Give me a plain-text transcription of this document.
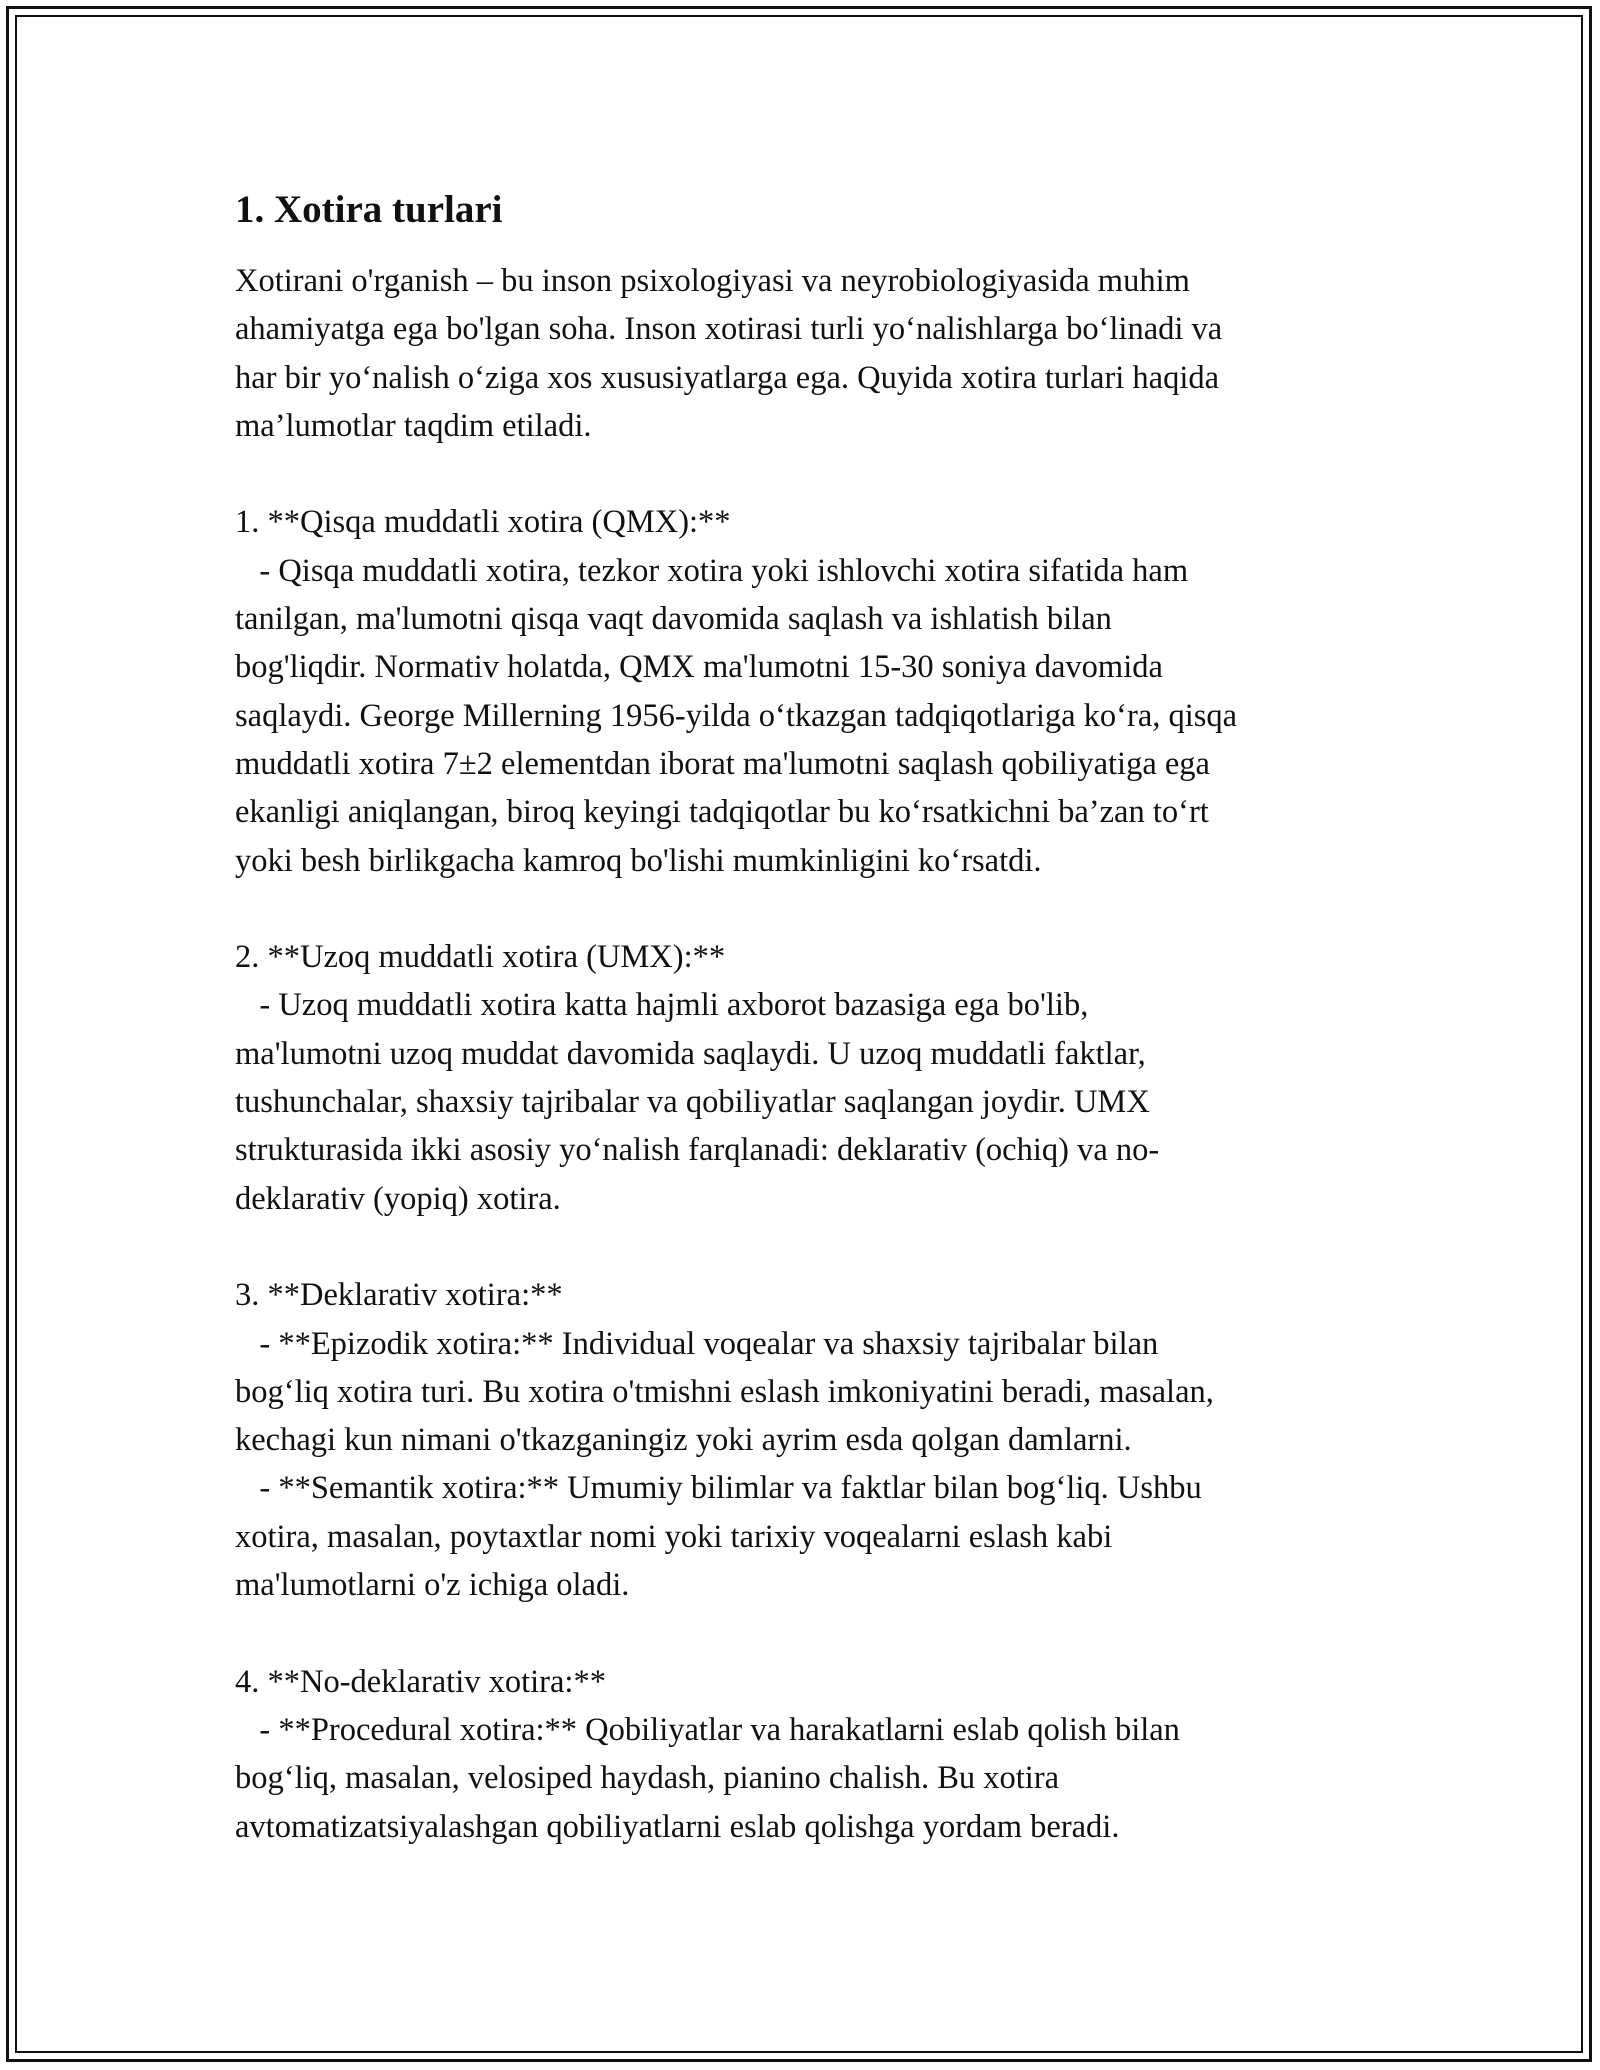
1. Xotira turlari
Xotirani o'rganish – bu inson psixologiyasi va neyrobiologiyasida muhim
ahamiyatga ega bo'lgan soha. Inson xotirasi turli yo‘nalishlarga bo‘linadi va
har bir yo‘nalish o‘ziga xos xususiyatlarga ega. Quyida xotira turlari haqida
ma’lumotlar taqdim etiladi.

1. **Qisqa muddatli xotira (QMX):**
- Qisqa muddatli xotira, tezkor xotira yoki ishlovchi xotira sifatida ham
tanilgan, ma'lumotni qisqa vaqt davomida saqlash va ishlatish bilan
bog'liqdir. Normativ holatda, QMX ma'lumotni 15-30 soniya davomida
saqlaydi. George Millerning 1956-yilda o‘tkazgan tadqiqotlariga ko‘ra, qisqa
muddatli xotira 7±2 elementdan iborat ma'lumotni saqlash qobiliyatiga ega
ekanligi aniqlangan, biroq keyingi tadqiqotlar bu ko‘rsatkichni ba’zan to‘rt
yoki besh birlikgacha kamroq bo'lishi mumkinligini ko‘rsatdi.

2. **Uzoq muddatli xotira (UMX):**
- Uzoq muddatli xotira katta hajmli axborot bazasiga ega bo'lib,
ma'lumotni uzoq muddat davomida saqlaydi. U uzoq muddatli faktlar,
tushunchalar, shaxsiy tajribalar va qobiliyatlar saqlangan joydir. UMX
strukturasida ikki asosiy yo‘nalish farqlanadi: deklarativ (ochiq) va no-
deklarativ (yopiq) xotira.

3. **Deklarativ xotira:**
- **Epizodik xotira:** Individual voqealar va shaxsiy tajribalar bilan
bog‘liq xotira turi. Bu xotira o'tmishni eslash imkoniyatini beradi, masalan,
kechagi kun nimani o'tkazganingiz yoki ayrim esda qolgan damlarni.
- **Semantik xotira:** Umumiy bilimlar va faktlar bilan bog‘liq. Ushbu
xotira, masalan, poytaxtlar nomi yoki tarixiy voqealarni eslash kabi
ma'lumotlarni o'z ichiga oladi.

4. **No-deklarativ xotira:**
- **Procedural xotira:** Qobiliyatlar va harakatlarni eslab qolish bilan
bog‘liq, masalan, velosiped haydash, pianino chalish. Bu xotira
avtomatizatsiyalashgan qobiliyatlarni eslab qolishga yordam beradi.
